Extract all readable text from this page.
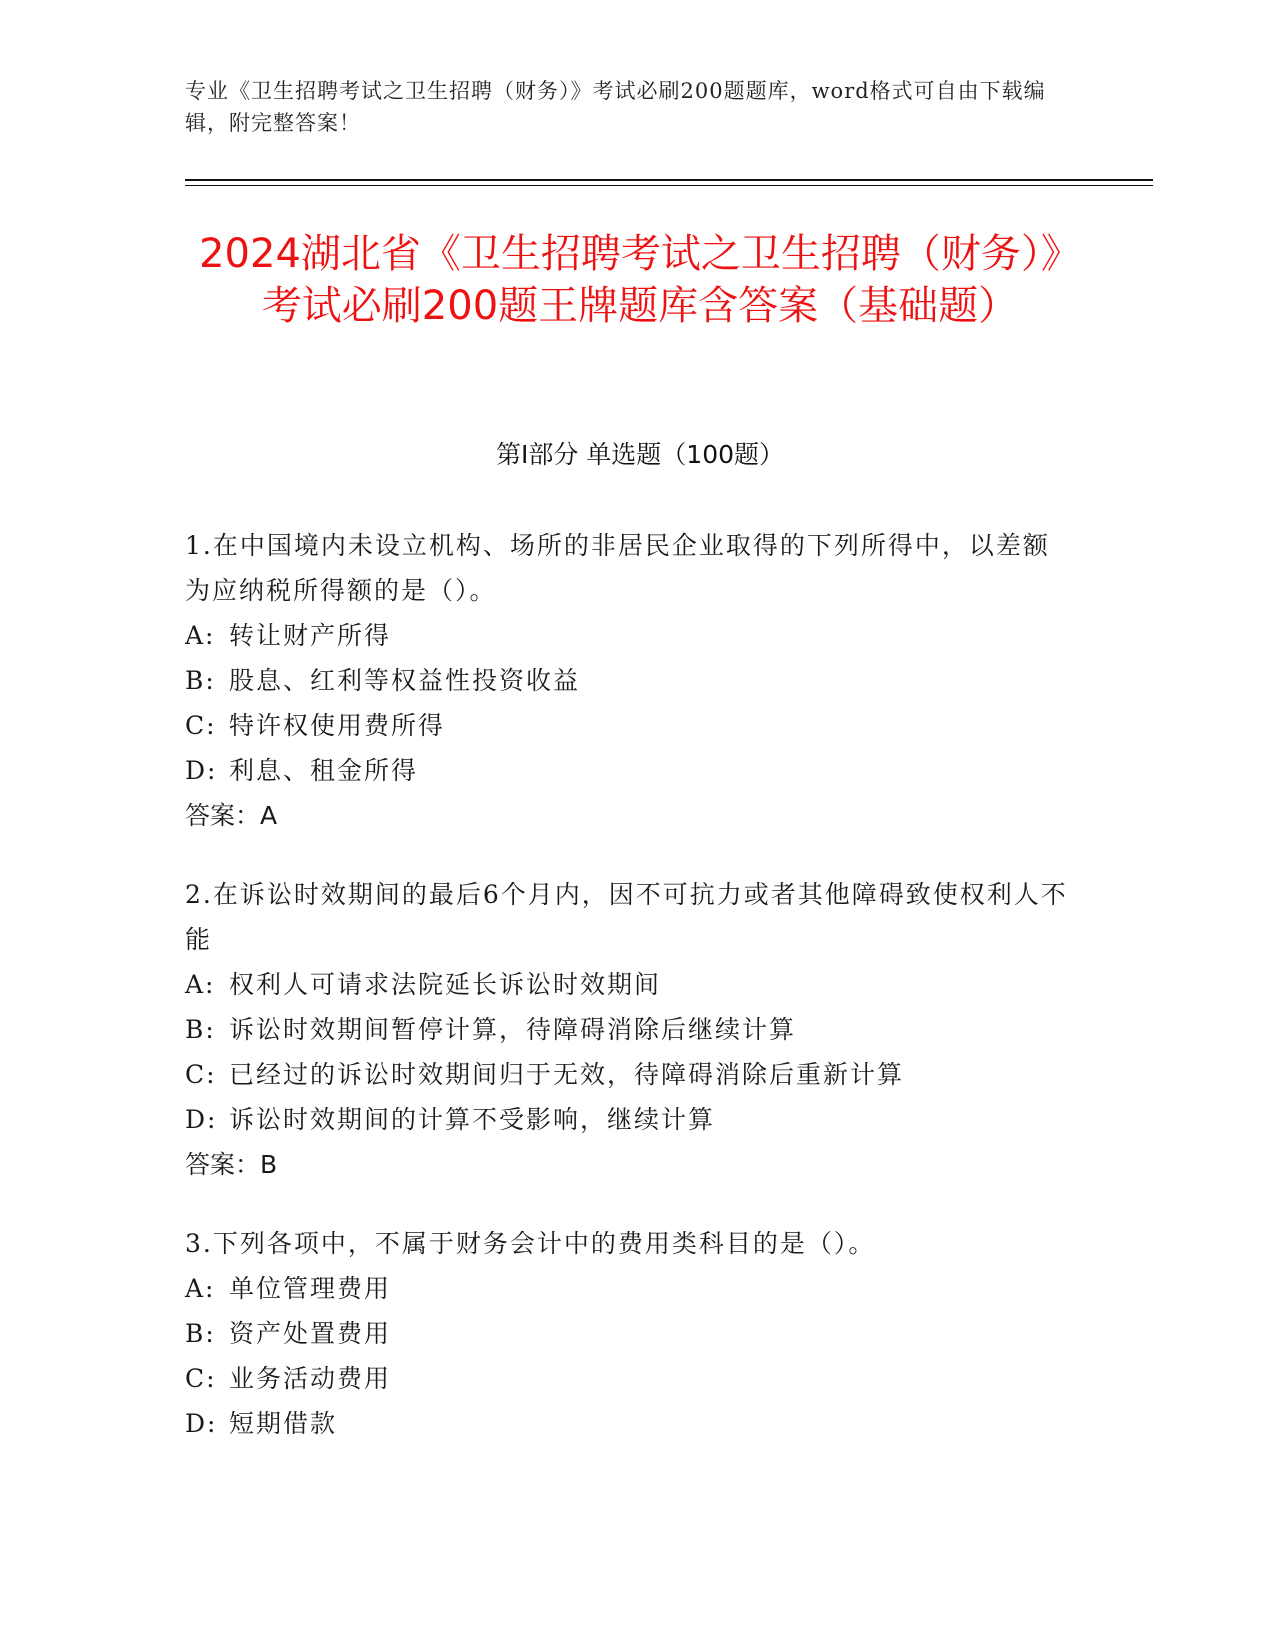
专业《卫生招聘考试之卫生招聘（财务）》考试必刷200题题库，word格式可自由下载编辑，附完整答案！
2024湖北省《卫生招聘考试之卫生招聘（财务）》考试必刷200题王牌题库含答案（基础题）
第I部分 单选题（100题）

1.在中国境内未设立机构、场所的非居民企业取得的下列所得中，以差额为应纳税所得额的是（）。

A: 转让财产所得

B: 股息、红利等权益性投资收益

C: 特许权使用费所得

D: 利息、租金所得

答案：A

2.在诉讼时效期间的最后6个月内，因不可抗力或者其他障碍致使权利人不能

A: 权利人可请求法院延长诉讼时效期间

B: 诉讼时效期间暂停计算，待障碍消除后继续计算

C: 已经过的诉讼时效期间归于无效，待障碍消除后重新计算

D: 诉讼时效期间的计算不受影响，继续计算

答案：B

3.下列各项中，不属于财务会计中的费用类科目的是（）。

A: 单位管理费用

B: 资产处置费用

C: 业务活动费用

D: 短期借款
